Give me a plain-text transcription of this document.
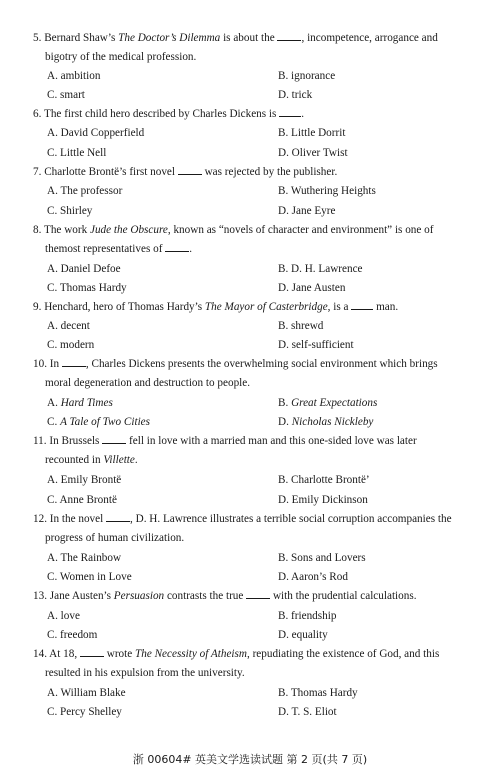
5. Bernard Shaw’s The Doctor’s Dilemma is about the , incompetence, arrogance and
bigotry of the medical profession.
A. ambition	B. ignorance
C. smart	D. trick
6. The first child hero described by Charles Dickens is .
A. David Copperfield	B. Little Dorrit
C. Little Nell	D. Oliver Twist
7. Charlotte Brontë’s first novel  was rejected by the publisher.
A. The professor	B. Wuthering Heights
C. Shirley	D. Jane Eyre
8. The work Jude the Obscure, known as “novels of character and environment” is one of
themost representatives of .
A. Daniel Defoe	B. D. H. Lawrence
C. Thomas Hardy	D. Jane Austen
9. Henchard, hero of Thomas Hardy’s The Mayor of Casterbridge, is a  man.
A. decent	B. shrewd
C. modern	D. self-sufficient
10. In , Charles Dickens presents the overwhelming social environment which brings
moral degeneration and destruction to people.
A. Hard Times	B. Great Expectations
C. A Tale of Two Cities	D. Nicholas Nickleby
11. In Brussels  fell in love with a married man and this one-sided love was later
recounted in Villette.
A. Emily Brontë	B. Charlotte Brontë’
C. Anne Brontë	D. Emily Dickinson
12. In the novel , D. H. Lawrence illustrates a terrible social corruption accompanies the
progress of human civilization.
A. The Rainbow	B. Sons and Lovers
C. Women in Love	D. Aaron’s Rod
13. Jane Austen’s Persuasion contrasts the true  with the prudential calculations.
A. love	B. friendship
C. freedom	D. equality
14. At 18,  wrote The Necessity of Atheism, repudiating the existence of God, and this
resulted in his expulsion from the university.
A. William Blake	B. Thomas Hardy
C. Percy Shelley	D. T. S. Eliot
浙 00604# 英美文学选读试题 第 2 页(共 7 页)
